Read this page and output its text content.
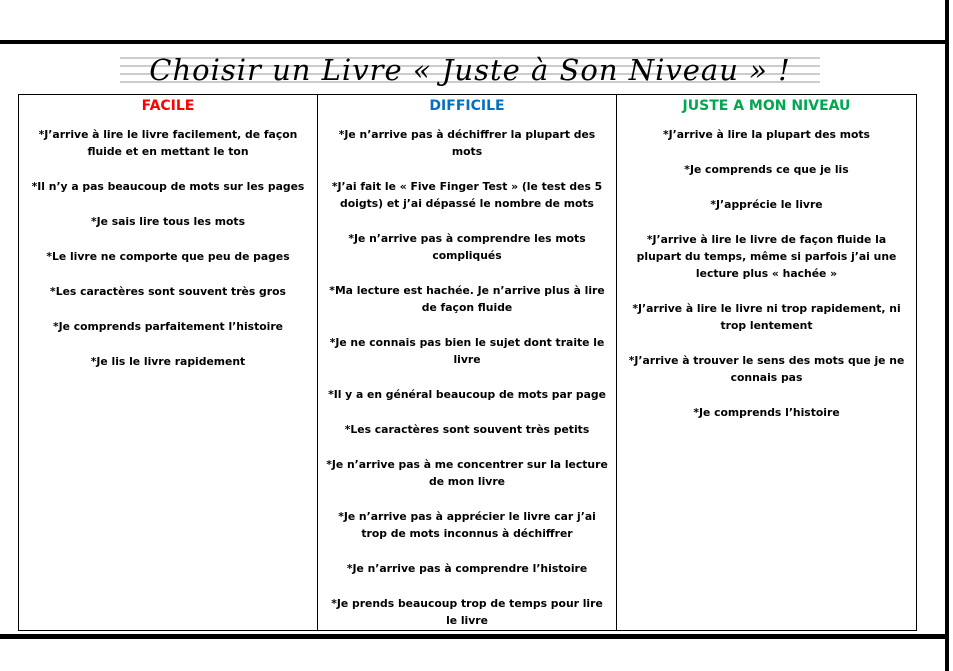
Choisir un Livre « Juste à Son Niveau » !
FACILE
*J’arrive à lire le livre facilement, de façon fluide et en mettant le ton
*Il n’y a pas beaucoup de mots sur les pages
*Je sais lire tous les mots
*Le livre ne comporte que peu de pages
*Les caractères sont souvent très gros
*Je comprends parfaitement l’histoire
*Je lis le livre rapidement

DIFFICILE
*Je n’arrive pas à déchiffrer la plupart des mots
*J’ai fait le « Five Finger Test » (le test des 5 doigts) et j’ai dépassé le nombre de mots
*Je n’arrive pas à comprendre les mots compliqués
*Ma lecture est hachée. Je n’arrive plus à lire de façon fluide
*Je ne connais pas bien le sujet dont traite le livre
*Il y a en général beaucoup de mots par page
*Les caractères sont souvent très petits
*Je n’arrive pas à me concentrer sur la lecture de mon livre
*Je n’arrive pas à apprécier le livre car j’ai trop de mots inconnus à déchiffrer
*Je n’arrive pas à comprendre l’histoire
*Je prends beaucoup trop de temps pour lire le livre

JUSTE A MON NIVEAU
*J’arrive à lire la plupart des mots
*Je comprends ce que je lis
*J’apprécie le livre
*J’arrive à lire le livre de façon fluide la plupart du temps, même si parfois j’ai une lecture plus « hachée »
*J’arrive à lire le livre ni trop rapidement, ni trop lentement
*J’arrive à trouver le sens des mots que je ne connais pas
*Je comprends l’histoire
